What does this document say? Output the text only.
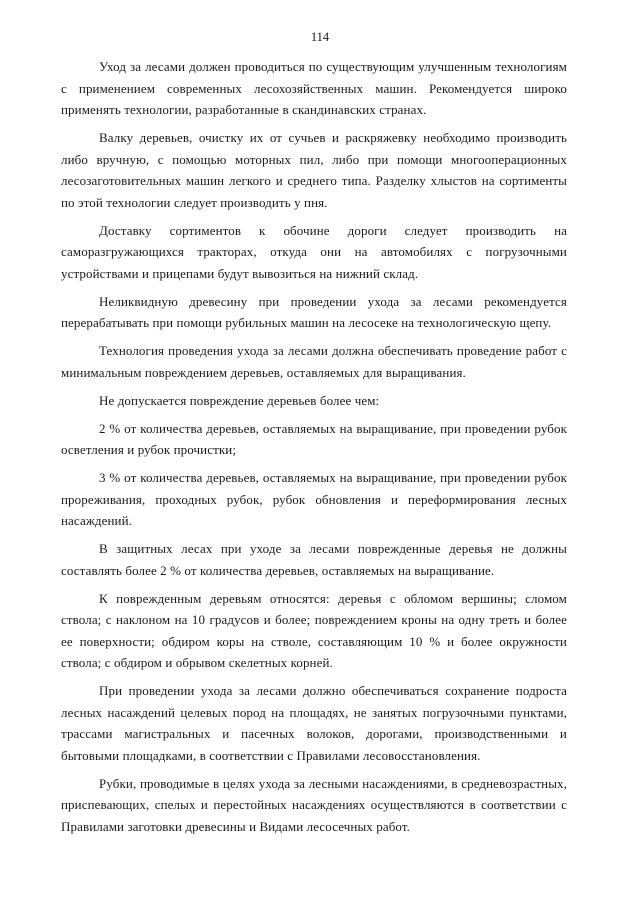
114

Уход за лесами должен проводиться по существующим улучшенным технологиям с применением современных лесохозяйственных машин. Рекомендуется широко применять технологии, разработанные в скандинавских странах.

Валку деревьев, очистку их от сучьев и раскряжевку необходимо производить либо вручную, с помощью моторных пил, либо при помощи многооперационных лесозаготовительных машин легкого и среднего типа. Разделку хлыстов на сортименты по этой технологии следует производить у пня.

Доставку сортиментов к обочине дороги следует производить на саморазгружающихся тракторах, откуда они на автомобилях с погрузочными устройствами и прицепами будут вывозиться на нижний склад.

Неликвидную древесину при проведении ухода за лесами рекомендуется перерабатывать при помощи рубильных машин на лесосеке на технологическую щепу.

Технология проведения ухода за лесами должна обеспечивать проведение работ с минимальным повреждением деревьев, оставляемых для выращивания.

Не допускается повреждение деревьев более чем:

2 % от количества деревьев, оставляемых на выращивание, при проведении рубок осветления и рубок прочистки;

3 % от количества деревьев, оставляемых на выращивание, при проведении рубок прореживания, проходных рубок, рубок обновления и переформирования лесных насаждений.

В защитных лесах при уходе за лесами поврежденные деревья не должны составлять более 2 % от количества деревьев, оставляемых на выращивание.

К поврежденным деревьям относятся: деревья с обломом вершины; сломом ствола; с наклоном на 10 градусов и более; повреждением кроны на одну треть и более ее поверхности; обдиром коры на стволе, составляющим 10 % и более окружности ствола; с обдиром и обрывом скелетных корней.

При проведении ухода за лесами должно обеспечиваться сохранение подроста лесных насаждений целевых пород на площадях, не занятых погрузочными пунктами, трассами магистральных и пасечных волоков, дорогами, производственными и бытовыми площадками, в соответствии с Правилами лесовосстановления.

Рубки, проводимые в целях ухода за лесными насаждениями, в средневозрастных, приспевающих, спелых и перестойных насаждениях осуществляются в соответствии с Правилами заготовки древесины и Видами лесосечных работ.
